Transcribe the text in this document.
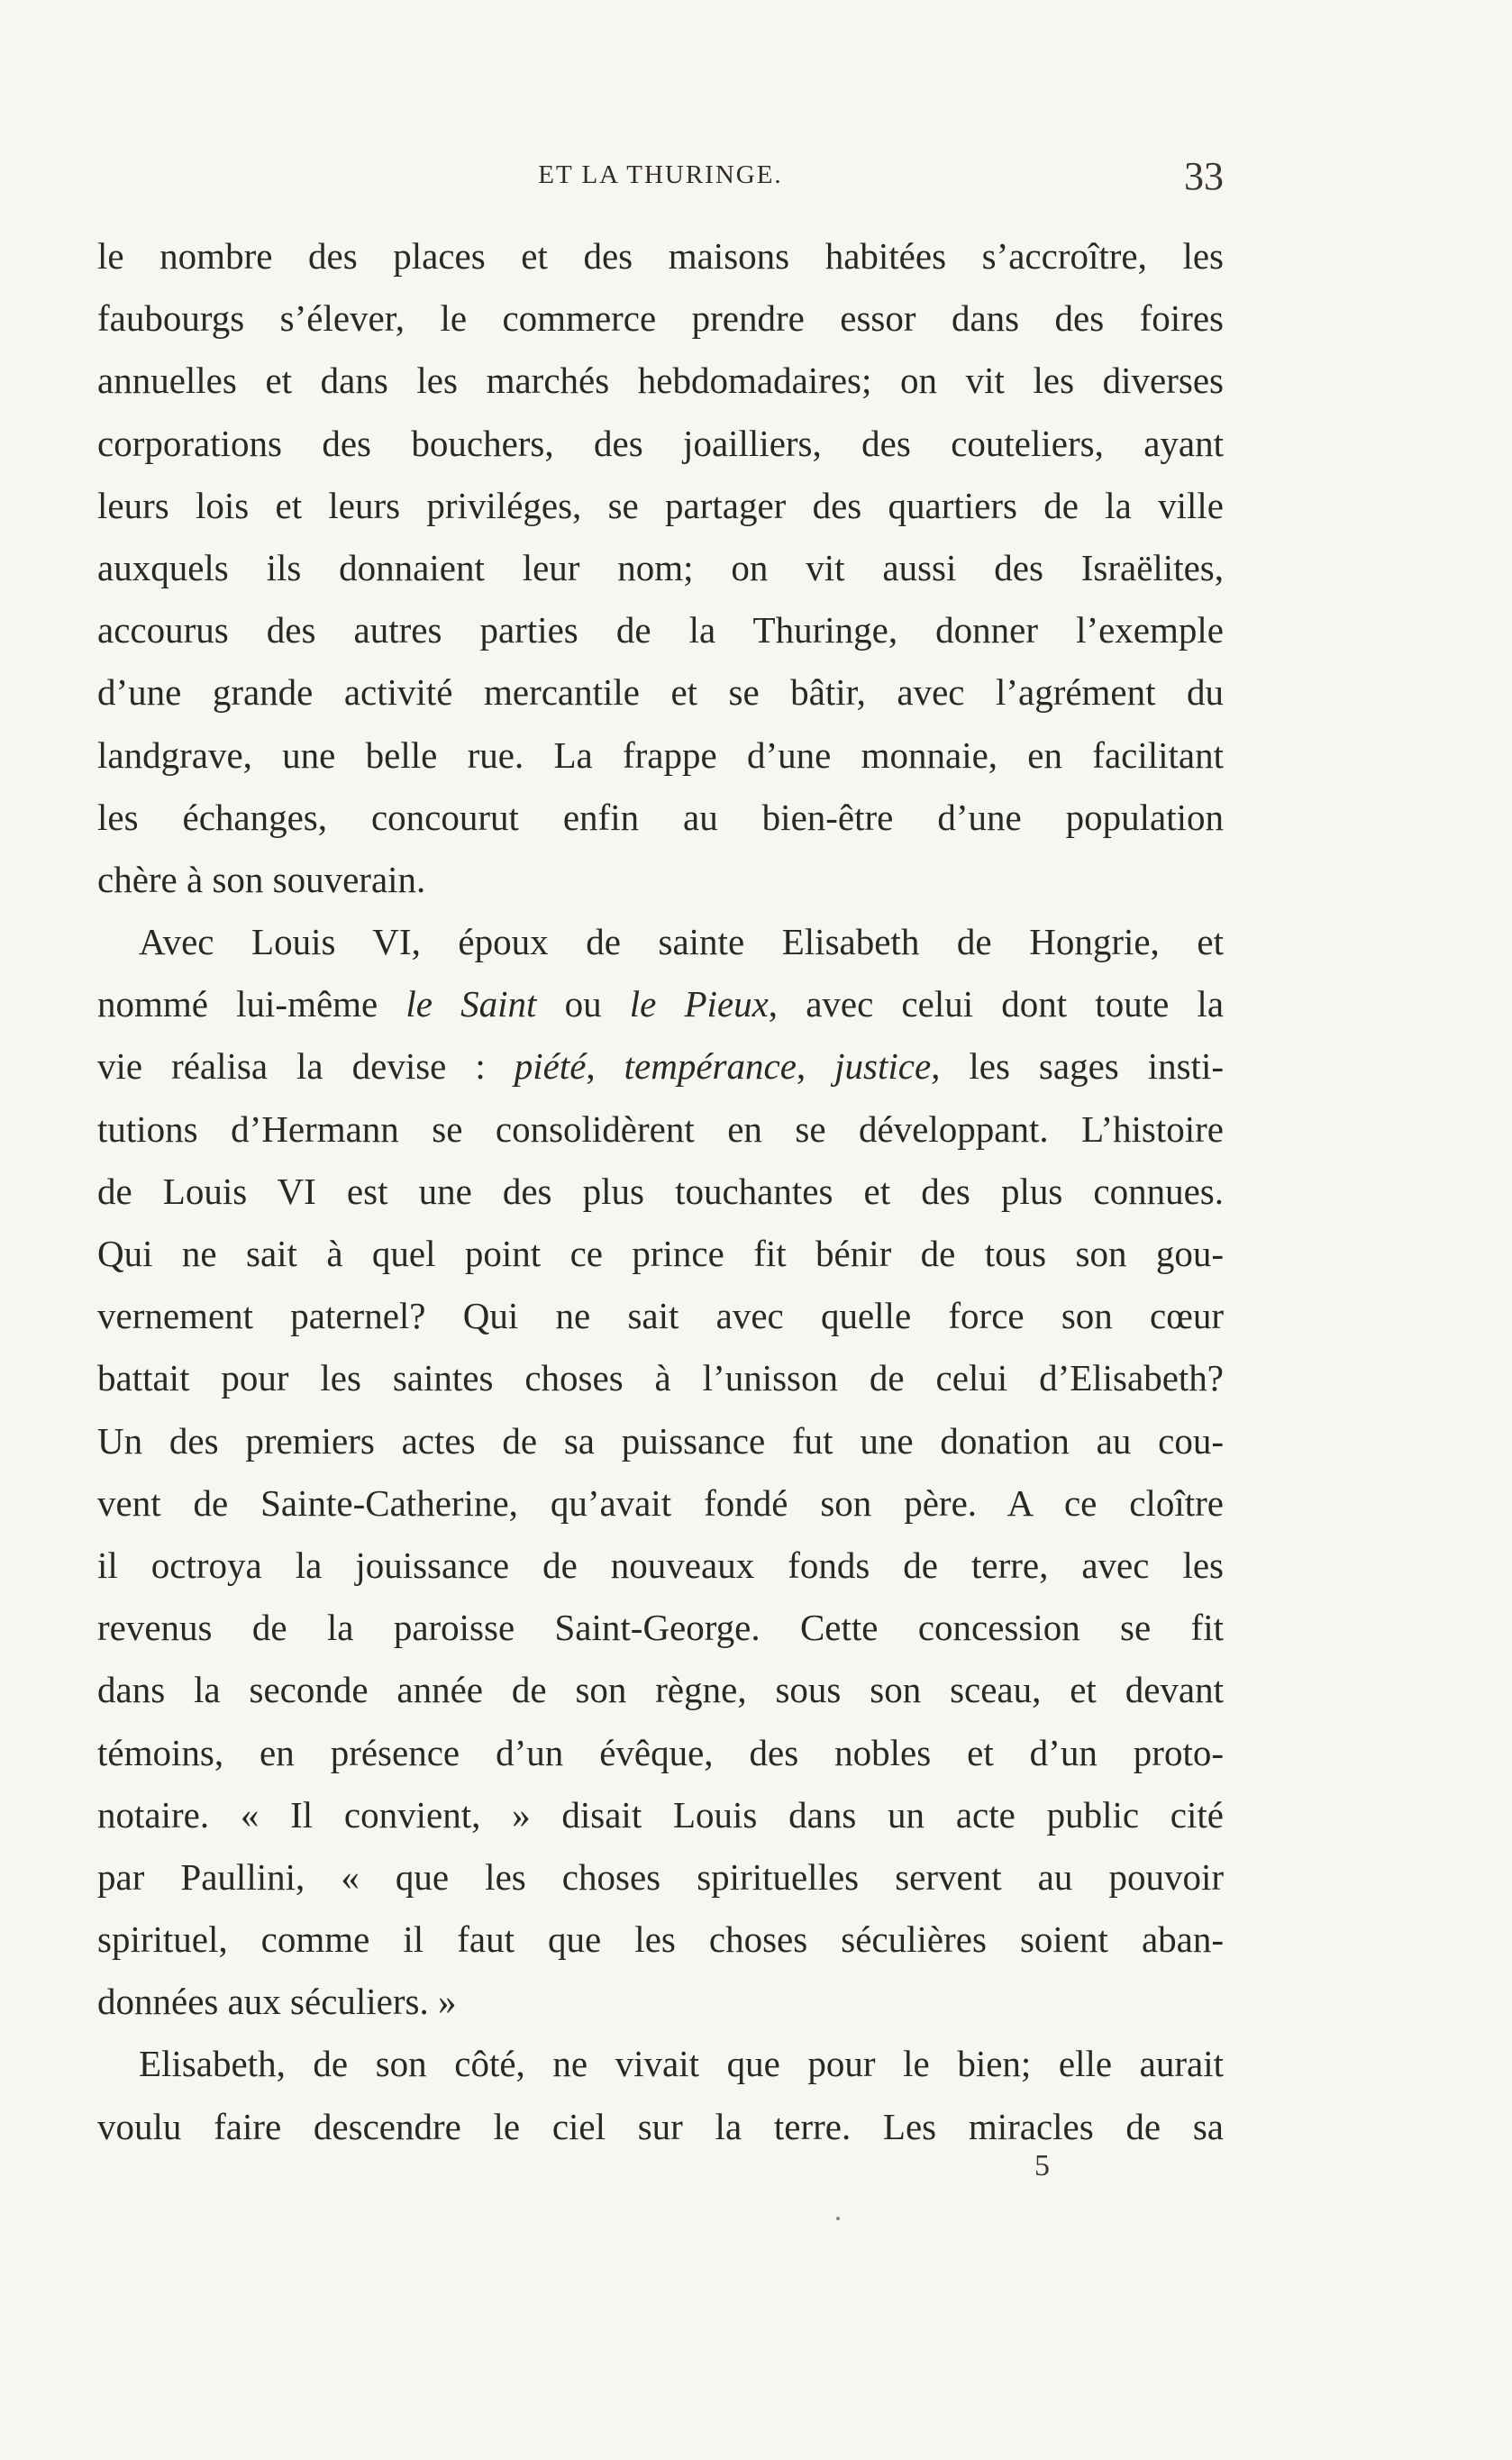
ET LA THURINGE.	33
le nombre des places et des maisons habitées s’accroître, les
faubourgs s’élever, le commerce prendre essor dans des foires
annuelles et dans les marchés hebdomadaires; on vit les diverses
corporations des bouchers, des joailliers, des couteliers, ayant
leurs lois et leurs priviléges, se partager des quartiers de la ville
auxquels ils donnaient leur nom; on vit aussi des Israëlites,
accourus des autres parties de la Thuringe, donner l’exemple
d’une grande activité mercantile et se bâtir, avec l’agrément du
landgrave, une belle rue. La frappe d’une monnaie, en facilitant
les échanges, concourut enfin au bien-être d’une population
chère à son souverain.
Avec Louis VI, époux de sainte Elisabeth de Hongrie, et
nommé lui-même le Saint ou le Pieux, avec celui dont toute la
vie réalisa la devise : piété, tempérance, justice, les sages insti-
tutions d’Hermann se consolidèrent en se développant. L’histoire
de Louis VI est une des plus touchantes et des plus connues.
Qui ne sait à quel point ce prince fit bénir de tous son gou-
vernement paternel? Qui ne sait avec quelle force son cœur
battait pour les saintes choses à l’unisson de celui d’Elisabeth?
Un des premiers actes de sa puissance fut une donation au cou-
vent de Sainte-Catherine, qu’avait fondé son père. A ce cloître
il octroya la jouissance de nouveaux fonds de terre, avec les
revenus de la paroisse Saint-George. Cette concession se fit
dans la seconde année de son règne, sous son sceau, et devant
témoins, en présence d’un évêque, des nobles et d’un proto-
notaire. « Il convient, » disait Louis dans un acte public cité
par Paullini, « que les choses spirituelles servent au pouvoir
spirituel, comme il faut que les choses séculières soient aban-
données aux séculiers. »
Elisabeth, de son côté, ne vivait que pour le bien; elle aurait
voulu faire descendre le ciel sur la terre. Les miracles de sa
5
